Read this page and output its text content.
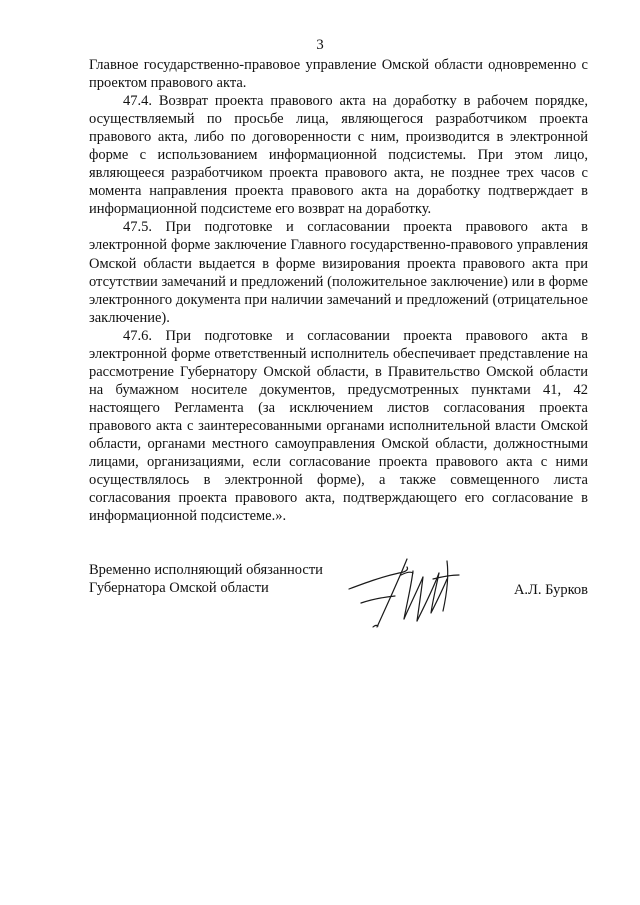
3

Главное государственно-правовое управление Омской области одновременно с проектом правового акта.

47.4. Возврат проекта правового акта на доработку в рабочем порядке, осуществляемый по просьбе лица, являющегося разработчиком проекта правового акта, либо по договоренности с ним, производится в электронной форме с использованием информационной подсистемы. При этом лицо, являющееся разработчиком проекта правового акта, не позднее трех часов с момента направления проекта правового акта на доработку подтверждает в информационной подсистеме его возврат на доработку.

47.5. При подготовке и согласовании проекта правового акта в электронной форме заключение Главного государственно-правового управления Омской области выдается в форме визирования проекта правового акта при отсутствии замечаний и предложений (положительное заключение) или в форме электронного документа при наличии замечаний и предложений (отрицательное заключение).

47.6. При подготовке и согласовании проекта правового акта в электронной форме ответственный исполнитель обеспечивает представление на рассмотрение Губернатору Омской области, в Правительство Омской области на бумажном носителе документов, предусмотренных пунктами 41, 42 настоящего Регламента (за исключением листов согласования проекта правового акта с заинтересованными органами исполнительной власти Омской области, органами местного самоуправления Омской области, должностными лицами, организациями, если согласование проекта правового акта с ними осуществлялось в электронной форме), а также совмещенного листа согласования проекта правового акта, подтверждающего его согласование в информационной подсистеме.».

Временно исполняющий обязанности
Губернатора Омской области	А.Л. Бурков
